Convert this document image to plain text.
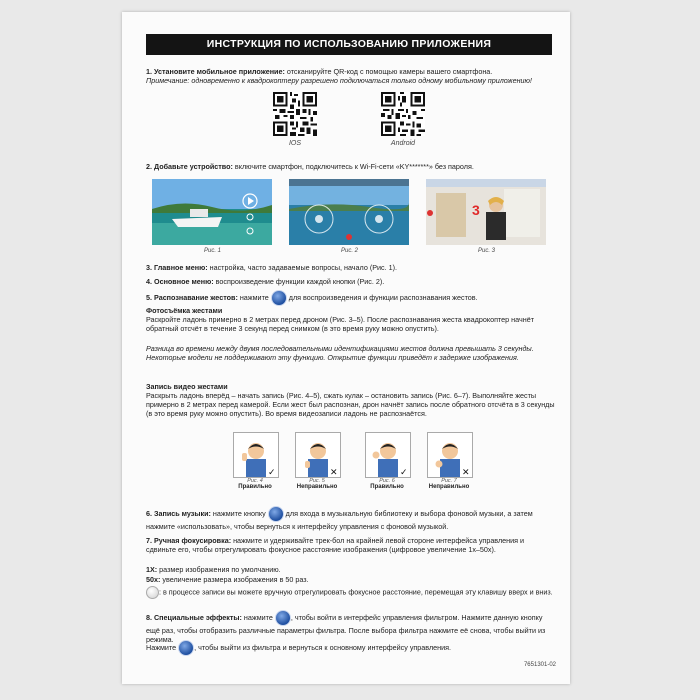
ИНСТРУКЦИЯ ПО ИСПОЛЬЗОВАНИЮ ПРИЛОЖЕНИЯ

1. Установите мобильное приложение: отсканируйте QR-код с помощью камеры вашего смартфона.

Примечание: одновременно к квадрокоптеру разрешено подключаться только одному мобильному приложению!

IOS	Android

2. Добавьте устройство: включите смартфон, подключитесь к Wi-Fi-сети «KY*******» без пароля.

Рис. 1	Рис. 2
3
Рис. 3

3. Главное меню: настройка, часто задаваемые вопросы, начало (Рис. 1).

4. Основное меню: воспроизведение функции каждой кнопки (Рис. 2).

5. Распознавание жестов: нажмите	для воспроизведения и функции распознавания жестов.

Фотосъёмка жестами

Раскройте ладонь примерно в 2 метрах перед дроном (Рис. 3–5). После распознавания жеста квадрокоптер начнёт обратный отсчёт в течение 3 секунд перед снимком (в это время руку можно опустить).

Разница во времени между двумя последовательными идентификациями жестов должна превышать 3 секунды. Некоторые модели не поддерживают эту функцию. Открытие функции приведёт к задержке изображения.

Запись видео жестами

Раскрыть ладонь вперёд – начать запись (Рис. 4–5), сжать кулак – остановить запись (Рис. 6–7). Выполняйте жесты примерно в 2 метрах перед камерой. Если жест был распознан, дрон начнёт запись после обратного отсчёта в 3 секунды (в это время руку можно опустить). Во время видеозаписи ладонь не распознаётся.

✓
Рис. 4
Правильно
✕
Рис. 5
Неправильно
✓
Рис. 6
Правильно
✕
Рис. 7
Неправильно

6. Запись музыки: нажмите кнопку	для входа в музыкальную библиотеку и выбора фоновой музыки, а затем нажмите «использовать», чтобы вернуться к интерфейсу управления с фоновой музыкой.

7. Ручная фокусировка: нажмите и удерживайте трек-бол на крайней левой стороне интерфейса управления и сдвиньте его, чтобы отрегулировать фокусное расстояние изображения (цифровое увеличение 1х–50х).

1X: размер изображения по умолчанию.

50х: увеличение размера изображения в 50 раз.

: в процессе записи вы можете вручную отрегулировать фокусное расстояние, перемещая эту клавишу вверх и вниз.

8. Специальные эффекты: нажмите	, чтобы войти в интерфейс управления фильтром. Нажмите данную кнопку ещё раз, чтобы отобразить различные параметры фильтра. После выбора фильтра нажмите её снова, чтобы выйти из режима.

Нажмите	, чтобы выйти из фильтра и вернуться к основному интерфейсу управления.

7651301-02
